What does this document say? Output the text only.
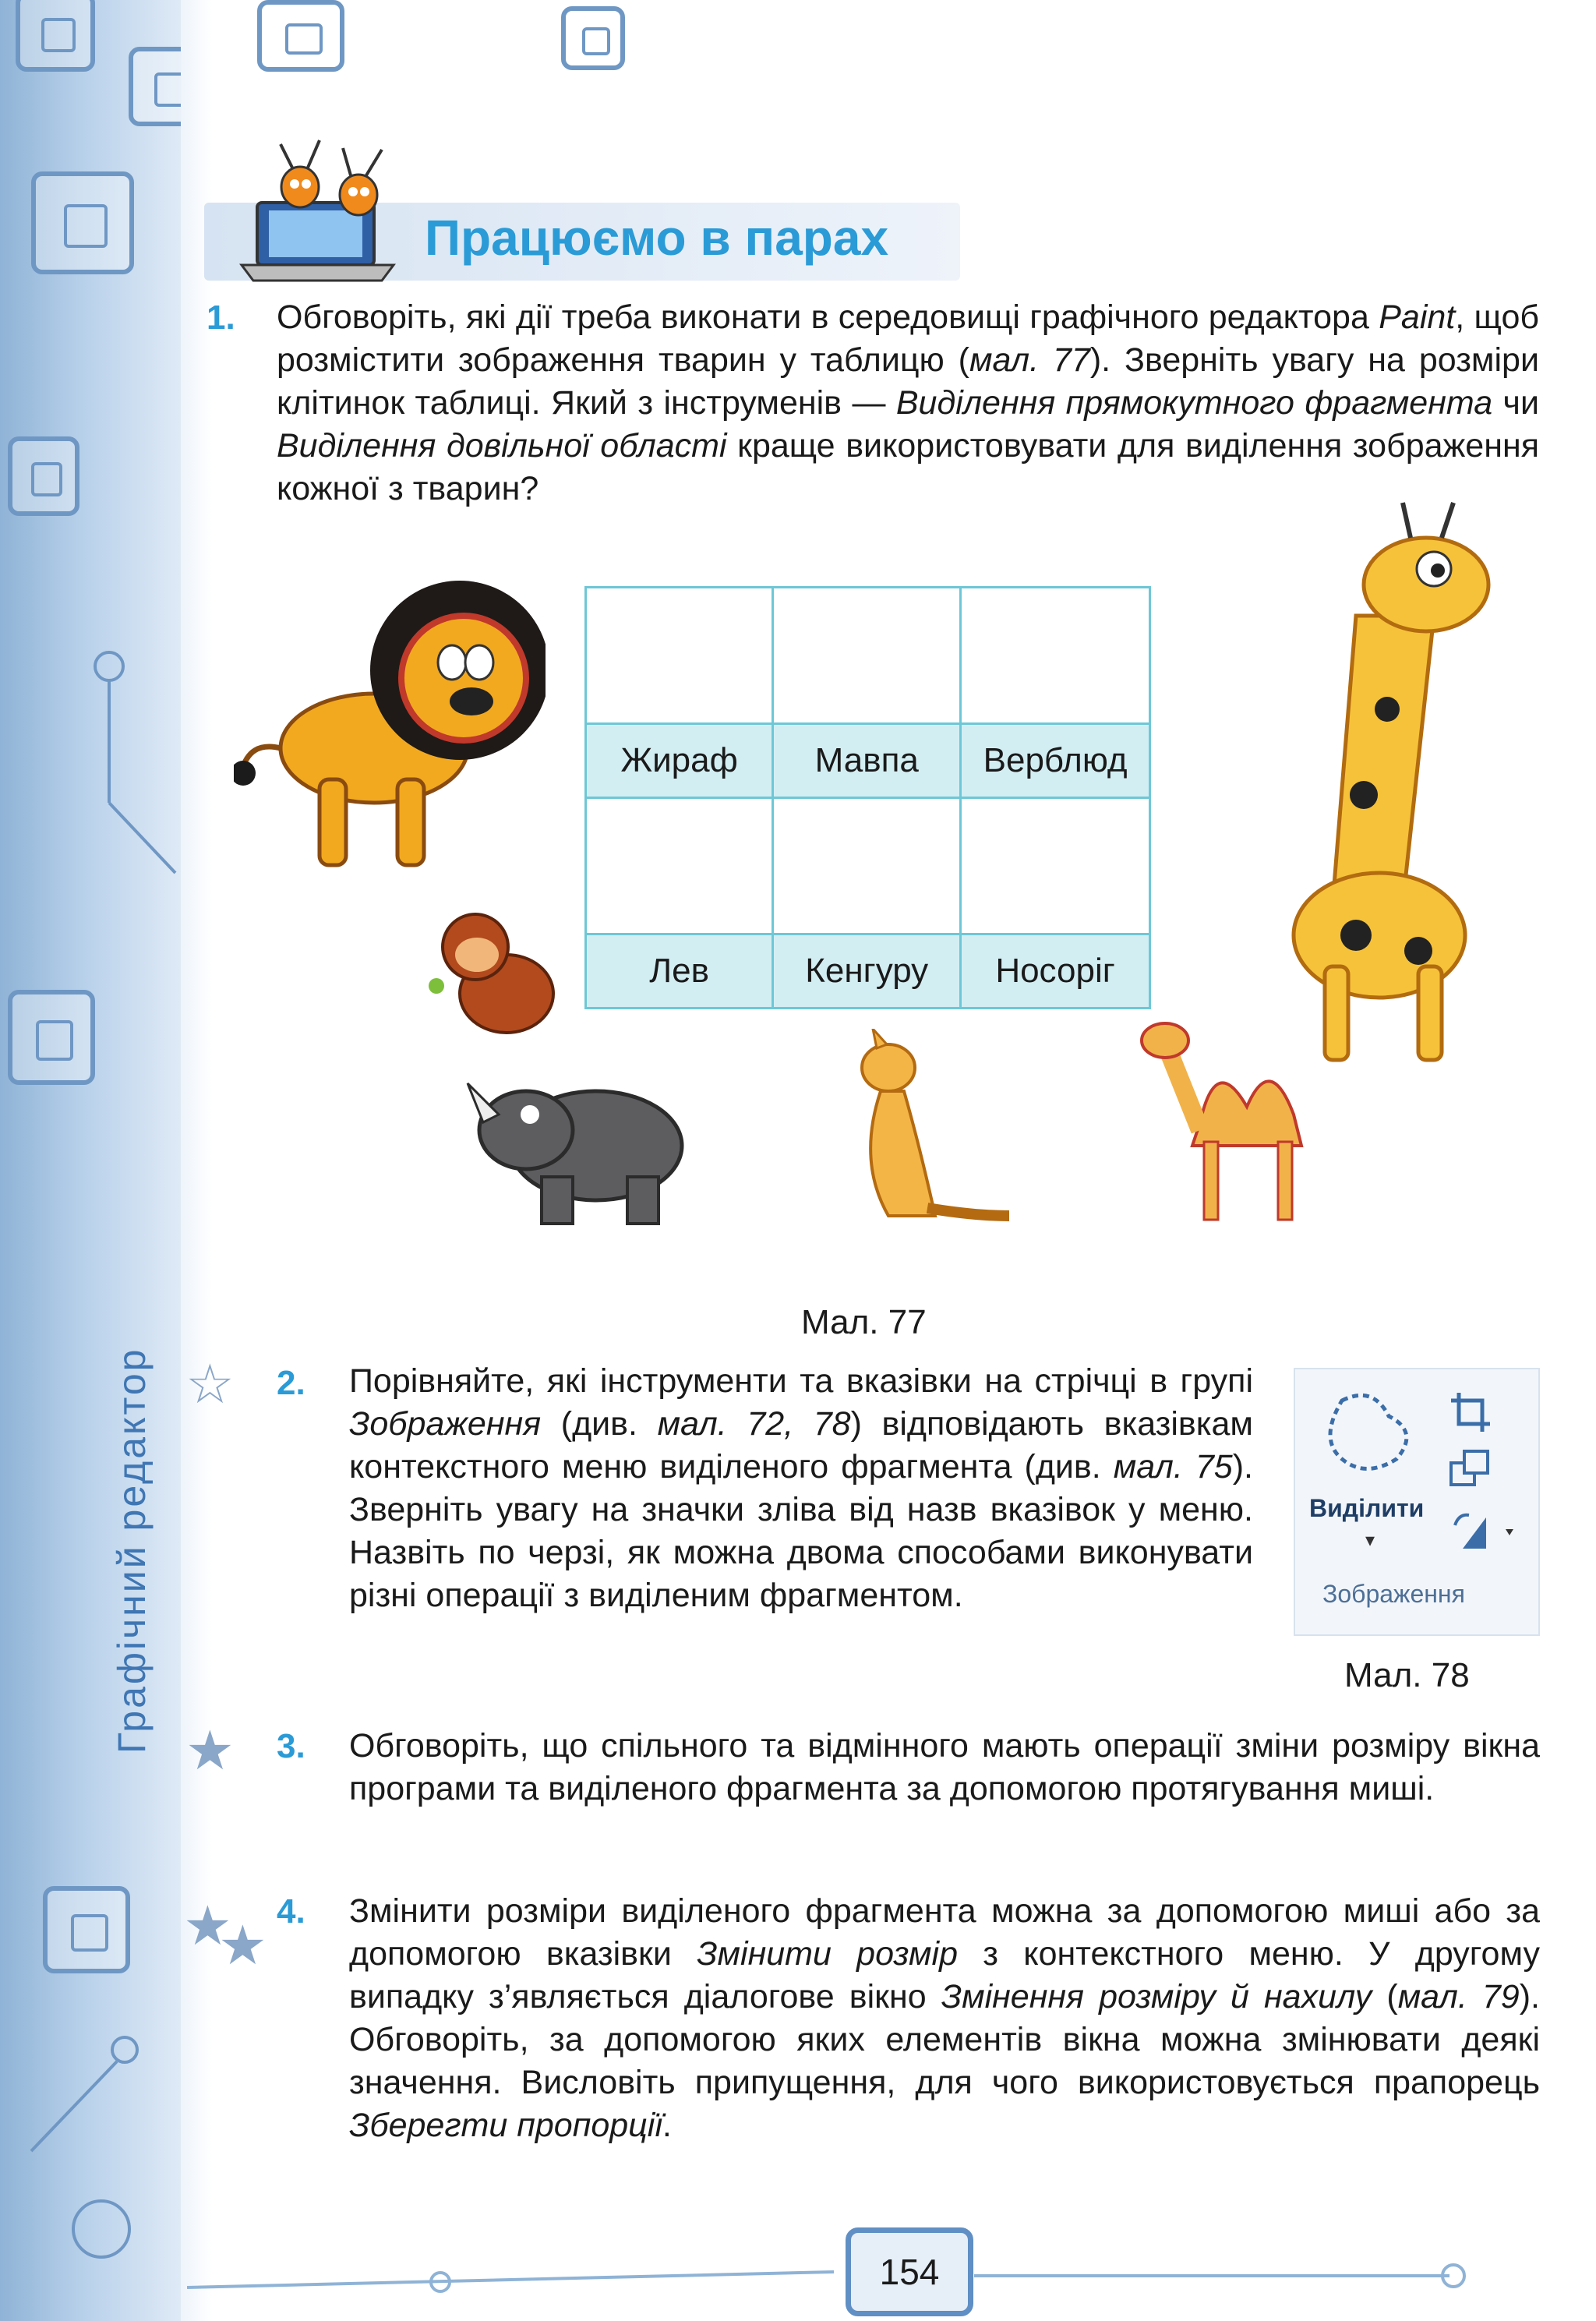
Графічний редактор
Працюємо в парах
1. Обговоріть, які дії треба виконати в середовищі графічного редактора Paint, щоб розмістити зображення тварин у таблицю (мал. 77). Зверніть увагу на розміри клітинок таблиці. Який з інструменів — Виділення прямокутного фрагмента чи Виділення довільної області краще використовувати для виділення зображення кожної з тварин?

Жираф	Мавпа	Верблюд

Лев	Кенгуру	Носоріг
Мал. 77
☆ 2. Порівняйте, які інструменти та вказівки на стрічці в групі Зображення (див. мал. 72, 78) відповідають вказівкам контекстного меню виділеного фрагмента (див. мал. 75). Зверніть увагу на значки зліва від назв вказівок у меню. Назвіть по черзі, як можна двома способами виконувати різні операції з виділеним фрагментом.
Виділити
▾
Зображення
Мал. 78
★ 3. Обговоріть, що спільного та відмінного мають операції зміни розміру вікна програми та виділеного фрагмента за допомогою протягування миші.
★
★
4. Змінити розміри виділеного фрагмента можна за допомогою миші або за допомогою вказівки Змінити розмір з контекстного меню. У другому випадку з’являється діалогове вікно Змінення розміру й нахилу (мал. 79). Обговоріть, за допомогою яких елементів вікна можна змінювати деякі значення. Висловіть припущення, для чого використовується прапорець Зберегти пропорції.
154
